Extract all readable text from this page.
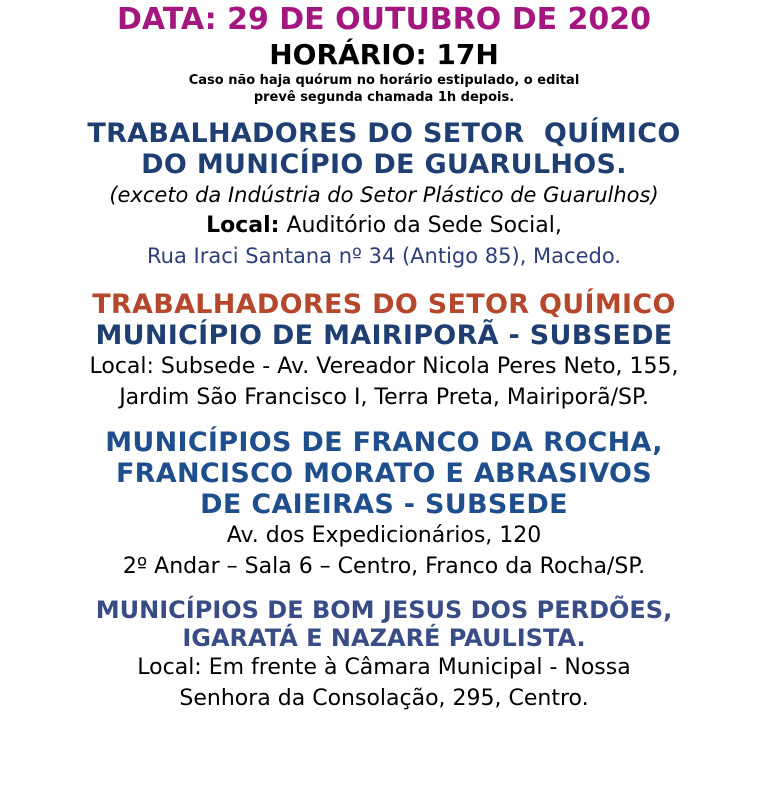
DATA: 29 DE OUTUBRO DE 2020
HORÁRIO: 17H
Caso não haja quórum no horário estipulado, o edital
prevê segunda chamada 1h depois.
TRABALHADORES DO SETOR  QUÍMICO
DO MUNICÍPIO DE GUARULHOS.
(exceto da Indústria do Setor Plástico de Guarulhos)
Local: Auditório da Sede Social,
Rua Iraci Santana nº 34 (Antigo 85), Macedo.
TRABALHADORES DO SETOR QUÍMICO
MUNICÍPIO DE MAIRIPORÃ - SUBSEDE
Local: Subsede - Av. Vereador Nicola Peres Neto, 155,
Jardim São Francisco I, Terra Preta, Mairiporã/SP.
MUNICÍPIOS DE FRANCO DA ROCHA,
FRANCISCO MORATO E ABRASIVOS
DE CAIEIRAS - SUBSEDE
Av. dos Expedicionários, 120
2º Andar – Sala 6 – Centro, Franco da Rocha/SP.
MUNICÍPIOS DE BOM JESUS DOS PERDÕES,
IGARATÁ E NAZARÉ PAULISTA.
Local: Em frente à Câmara Municipal - Nossa
Senhora da Consolação, 295, Centro.
